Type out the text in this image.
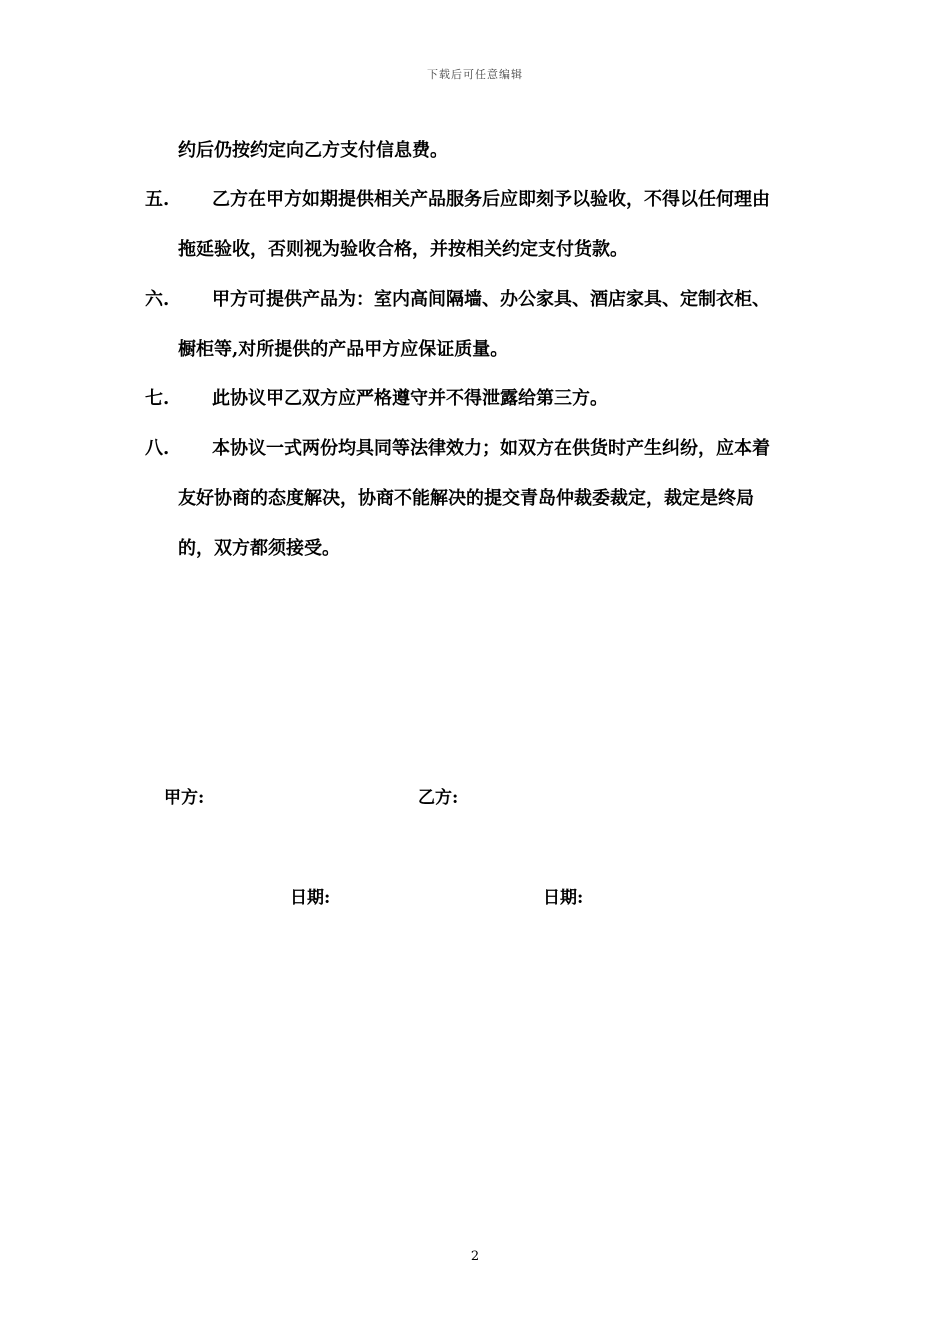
下载后可任意编辑
约后仍按约定向乙方支付信息费。
五. 乙方在甲方如期提供相关产品服务后应即刻予以验收，不得以任何理由
拖延验收，否则视为验收合格，并按相关约定支付货款。
六. 甲方可提供产品为：室内高间隔墙、办公家具、酒店家具、定制衣柜、
橱柜等,对所提供的产品甲方应保证质量。
七. 此协议甲乙双方应严格遵守并不得泄露给第三方。
八. 本协议一式两份均具同等法律效力；如双方在供货时产生纠纷，应本着
友好协商的态度解决，协商不能解决的提交青岛仲裁委裁定，裁定是终局
的，双方都须接受。
甲方:	乙方:
日期:	日期:
2
